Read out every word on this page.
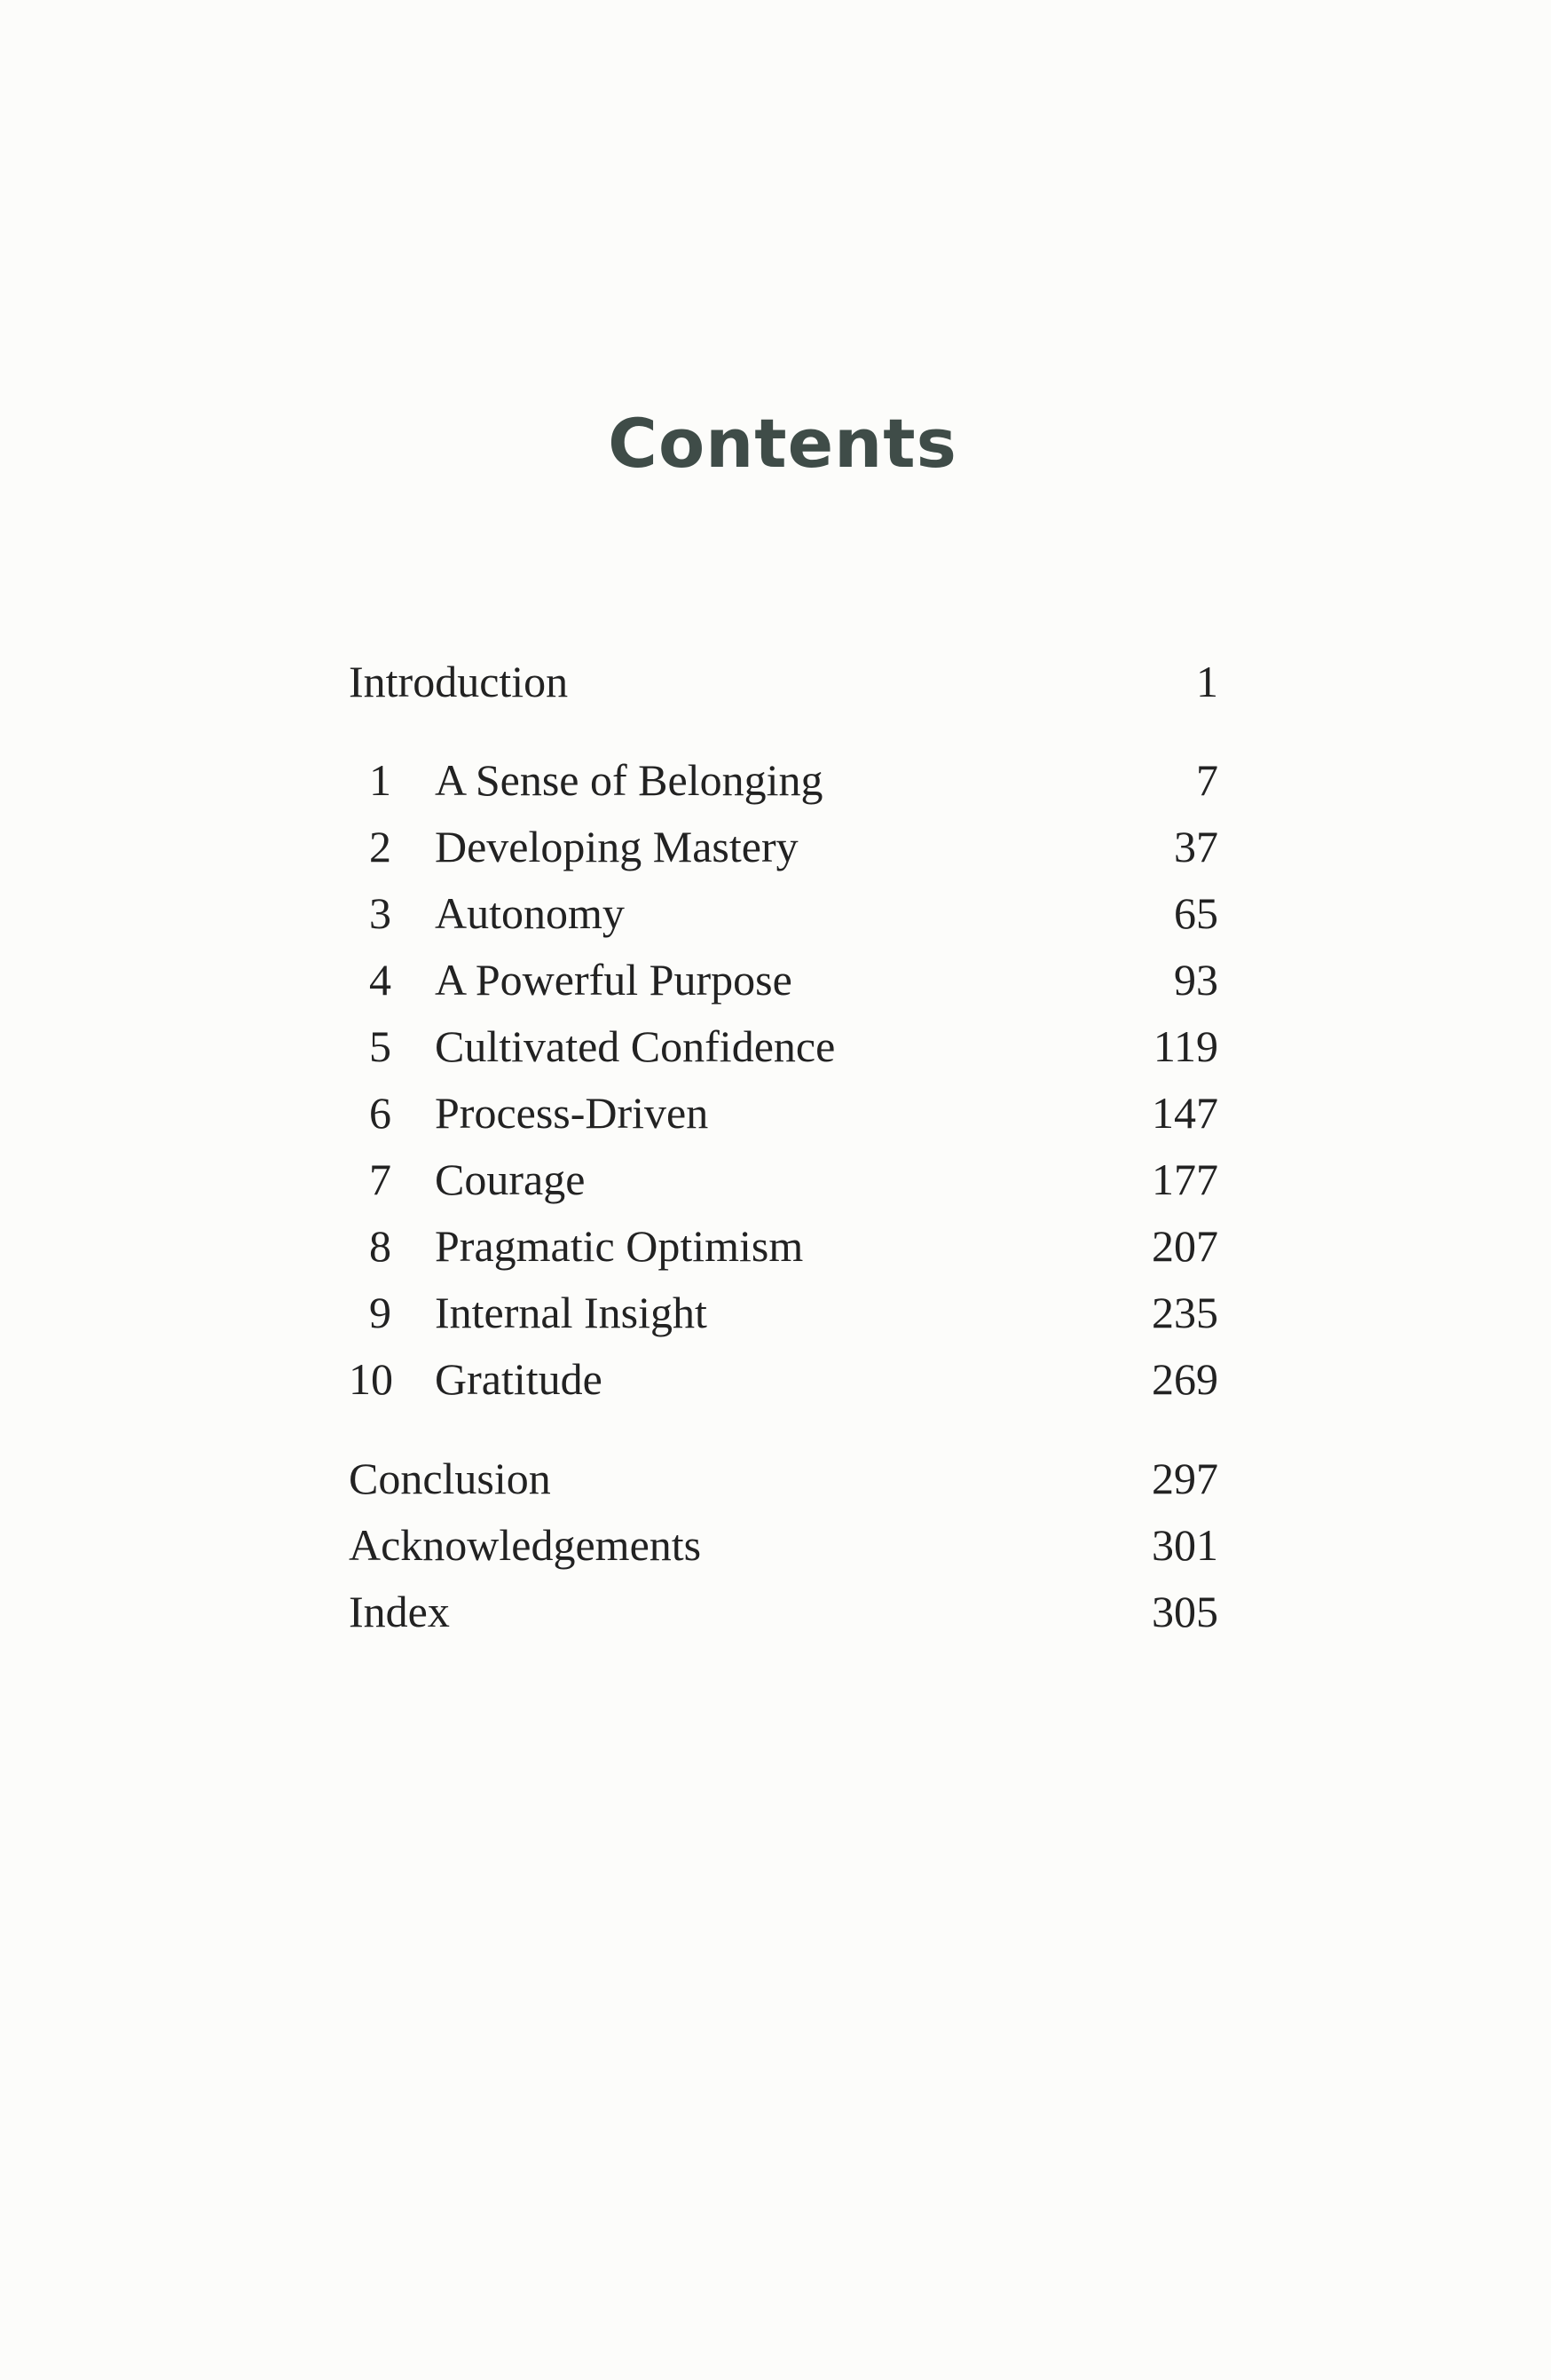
Contents
Introduction	1
1 A Sense of Belonging	7
2 Developing Mastery	37
3 Autonomy	65
4 A Powerful Purpose	93
5 Cultivated Confidence	119
6 Process-Driven	147
7 Courage	177
8 Pragmatic Optimism	207
9 Internal Insight	235
10 Gratitude	269
Conclusion	297
Acknowledgements	301
Index	305
